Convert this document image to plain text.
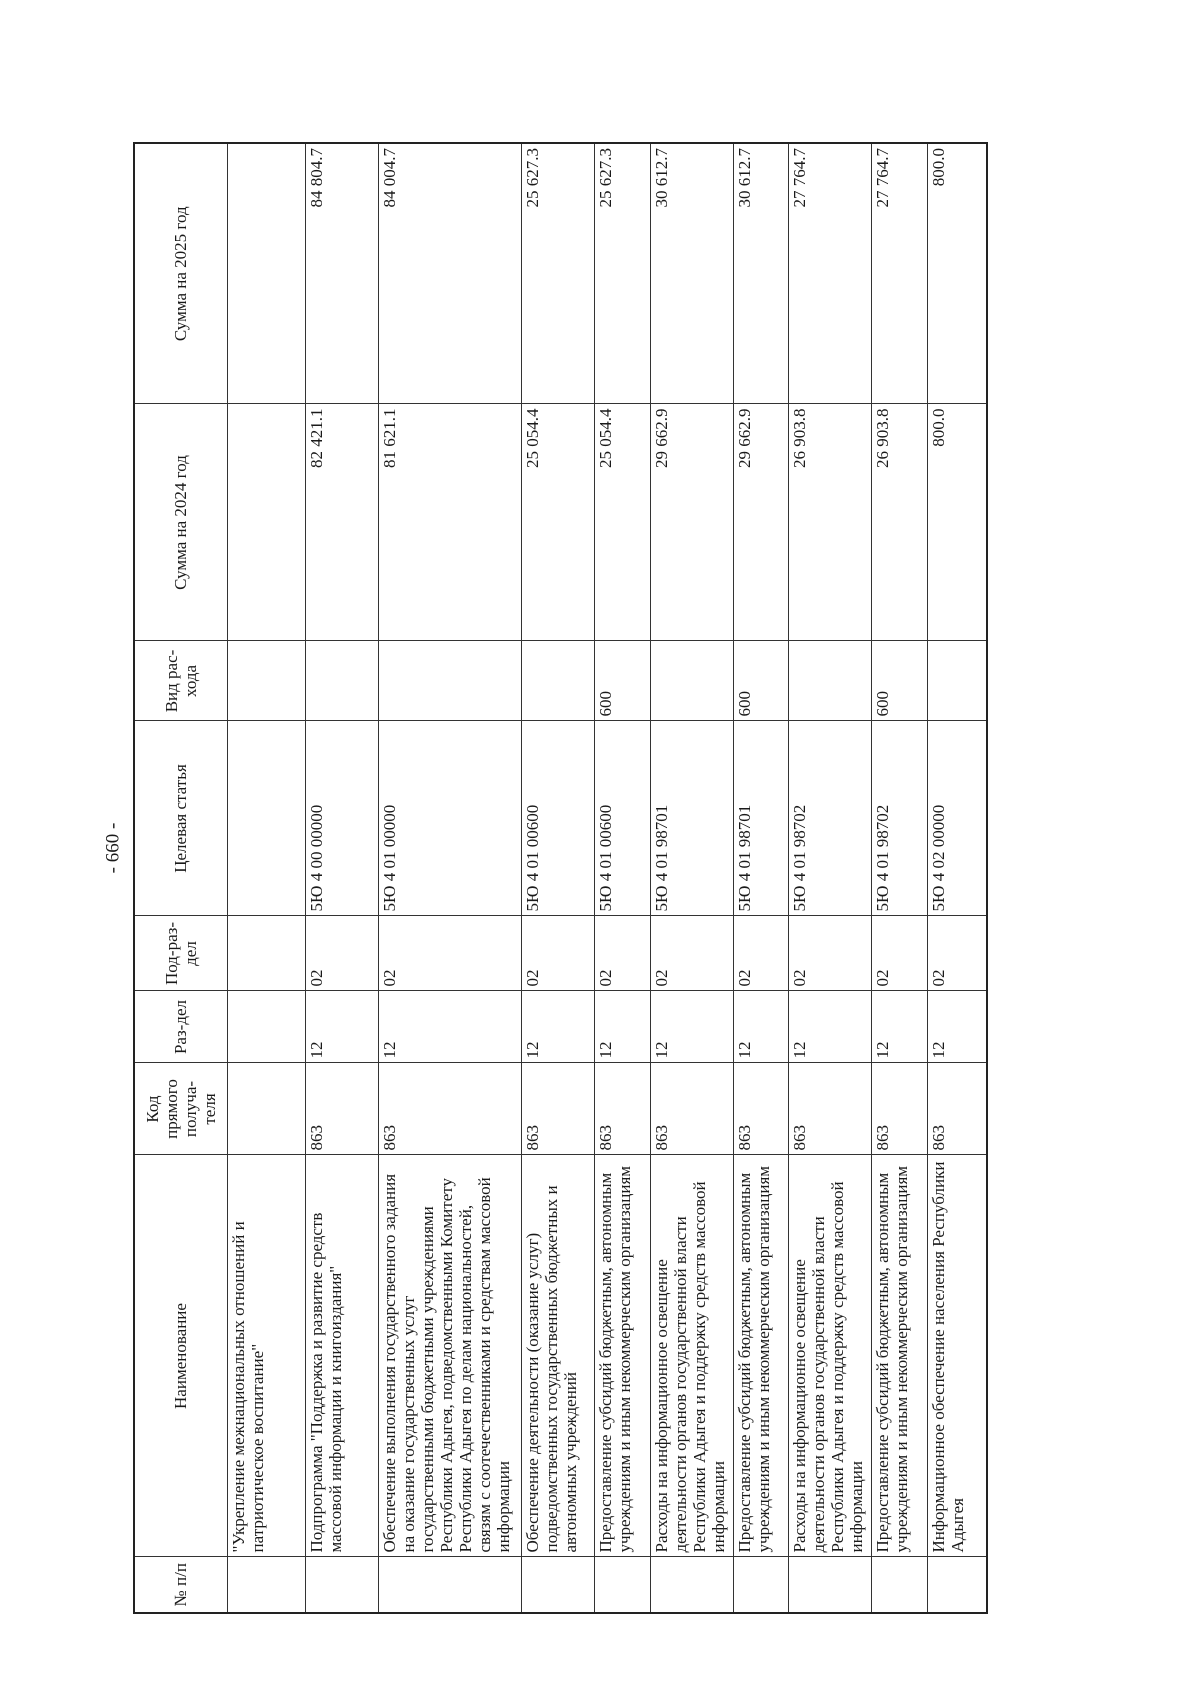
- 660 -
№ п/п	Наименование	Код прямого получа-теля	Раз-дел	Под-раз-дел	Целевая статья	Вид рас-хода	Сумма на 2024 год	Сумма на 2025 год
	"Укрепление межнациональных отношений и патриотическое воспитание"							
	Подпрограмма "Поддержка и развитие средств массовой информации и книгоиздания"	863	12	02	5Ю 4 00 00000		82 421.1	84 804.7
	Обеспечение выполнения государственного задания на оказание государственных услуг государственными бюджетными учреждениями Республики Адыгея, подведомственными Комитету Республики Адыгея по делам национальностей, связям с соотечественниками и средствам массовой информации	863	12	02	5Ю 4 01 00000		81 621.1	84 004.7
	Обеспечение деятельности (оказание услуг) подведомственных государственных бюджетных и автономных учреждений	863	12	02	5Ю 4 01 00600		25 054.4	25 627.3
	Предоставление субсидий бюджетным, автономным учреждениям и иным некоммерческим организациям	863	12	02	5Ю 4 01 00600	600	25 054.4	25 627.3
	Расходы на информационное освещение деятельности органов государственной власти Республики Адыгея и поддержку средств массовой информации	863	12	02	5Ю 4 01 98701		29 662.9	30 612.7
	Предоставление субсидий бюджетным, автономным учреждениям и иным некоммерческим организациям	863	12	02	5Ю 4 01 98701	600	29 662.9	30 612.7
	Расходы на информационное освещение деятельности органов государственной власти Республики Адыгея и поддержку средств массовой информации	863	12	02	5Ю 4 01 98702		26 903.8	27 764.7
	Предоставление субсидий бюджетным, автономным учреждениям и иным некоммерческим организациям	863	12	02	5Ю 4 01 98702	600	26 903.8	27 764.7
	Информационное обеспечение населения Республики Адыгея	863	12	02	5Ю 4 02 00000		800.0	800.0
